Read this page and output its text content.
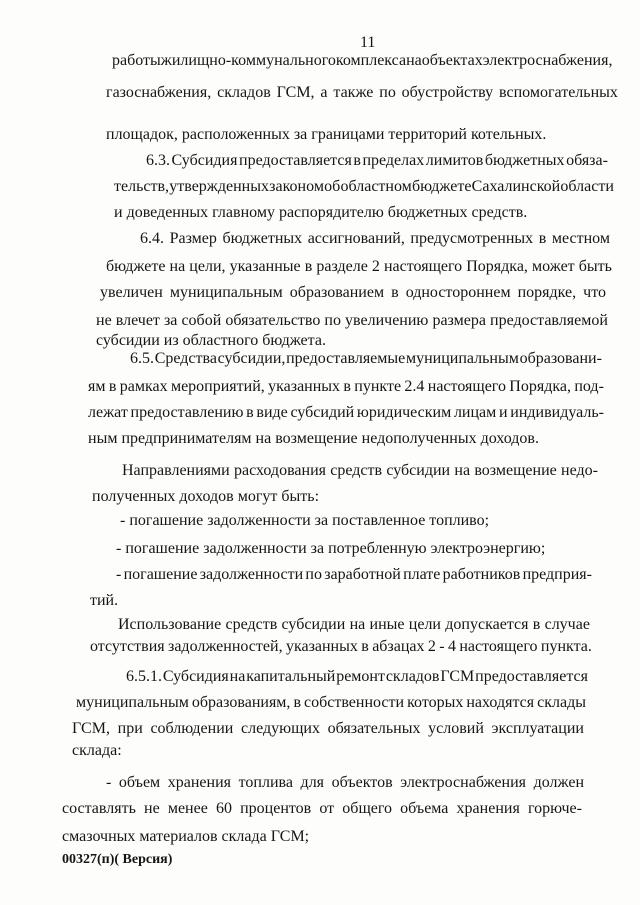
11
работы жилищно-коммунального комплекса на объектах электроснабжения,
газоснабжения, складов ГСМ, а также по обустройству вспомогательных
площадок, расположенных за границами территорий котельных.
6.3. Субсидия предоставляется в пределах лимитов бюджетных обяза-
тельств, утвержденных законом об областном бюджете Сахалинской области
и доведенных главному распорядителю бюджетных средств.
6.4. Размер бюджетных ассигнований, предусмотренных в местном
бюджете на цели, указанные в разделе 2 настоящего Порядка, может быть
увеличен муниципальным образованием в одностороннем порядке, что
не влечет за собой обязательство по увеличению размера предоставляемой
субсидии из областного бюджета.
6.5. Средства субсидии, предоставляемые муниципальным образовани-
ям в рамках мероприятий, указанных в пункте 2.4 настоящего Порядка, под-
лежат предоставлению в виде субсидий юридическим лицам и индивидуаль-
ным предпринимателям на возмещение недополученных доходов.
Направлениями расходования средств субсидии на возмещение недо-
полученных доходов могут быть:
- погашение задолженности за поставленное топливо;
- погашение задолженности за потребленную электроэнергию;
- погашение задолженности по заработной плате работников предприя-
тий.
Использование средств субсидии на иные цели допускается в случае
отсутствия задолженностей, указанных в абзацах 2 - 4 настоящего пункта.
6.5.1. Субсидия на капитальный ремонт складов ГСМ предоставляется
муниципальным образованиям, в собственности которых находятся склады
ГСМ, при соблюдении следующих обязательных условий эксплуатации
склада:
- объем хранения топлива для объектов электроснабжения должен
составлять не менее 60 процентов от общего объема хранения горюче-
смазочных материалов склада ГСМ;
00327(п)( Версия)
